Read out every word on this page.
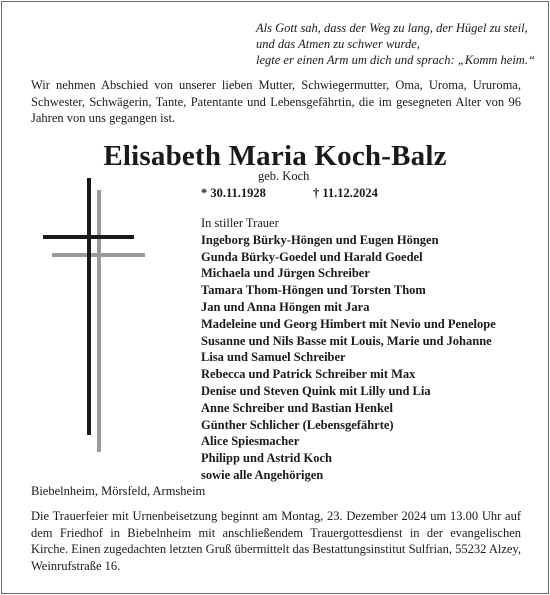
Als Gott sah, dass der Weg zu lang, der Hügel zu steil,
und das Atmen zu schwer wurde,
legte er einen Arm um dich und sprach: „Komm heim.“
Wir nehmen Abschied von unserer lieben Mutter, Schwiegermutter, Oma, Uroma, Ururoma, Schwester, Schwägerin, Tante, Patentante und Lebensgefährtin, die im gesegneten Alter von 96 Jahren von uns gegangen ist.
Elisabeth Maria Koch-Balz
geb. Koch
* 30.11.1928	† 11.12.2024
In stiller Trauer
Ingeborg Bürky-Höngen und Eugen Höngen
Gunda Bürky-Goedel und Harald Goedel
Michaela und Jürgen Schreiber
Tamara Thom-Höngen und Torsten Thom
Jan und Anna Höngen mit Jara
Madeleine und Georg Himbert mit Nevio und Penelope
Susanne und Nils Basse mit Louis, Marie und Johanne
Lisa und Samuel Schreiber
Rebecca und Patrick Schreiber mit Max
Denise und Steven Quink mit Lilly und Lia
Anne Schreiber und Bastian Henkel
Günther Schlicher (Lebensgefährte)
Alice Spiesmacher
Philipp und Astrid Koch
sowie alle Angehörigen
Biebelnheim, Mörsfeld, Armsheim
Die Trauerfeier mit Urnenbeisetzung beginnt am Montag, 23. Dezember 2024 um 13.00 Uhr auf dem Friedhof in Biebelnheim mit anschließendem Trauergottesdienst in der evangelischen Kirche. Einen zugedachten letzten Gruß übermittelt das Bestattungsinstitut Sulfrian, 55232 Alzey, Weinrufstraße 16.
